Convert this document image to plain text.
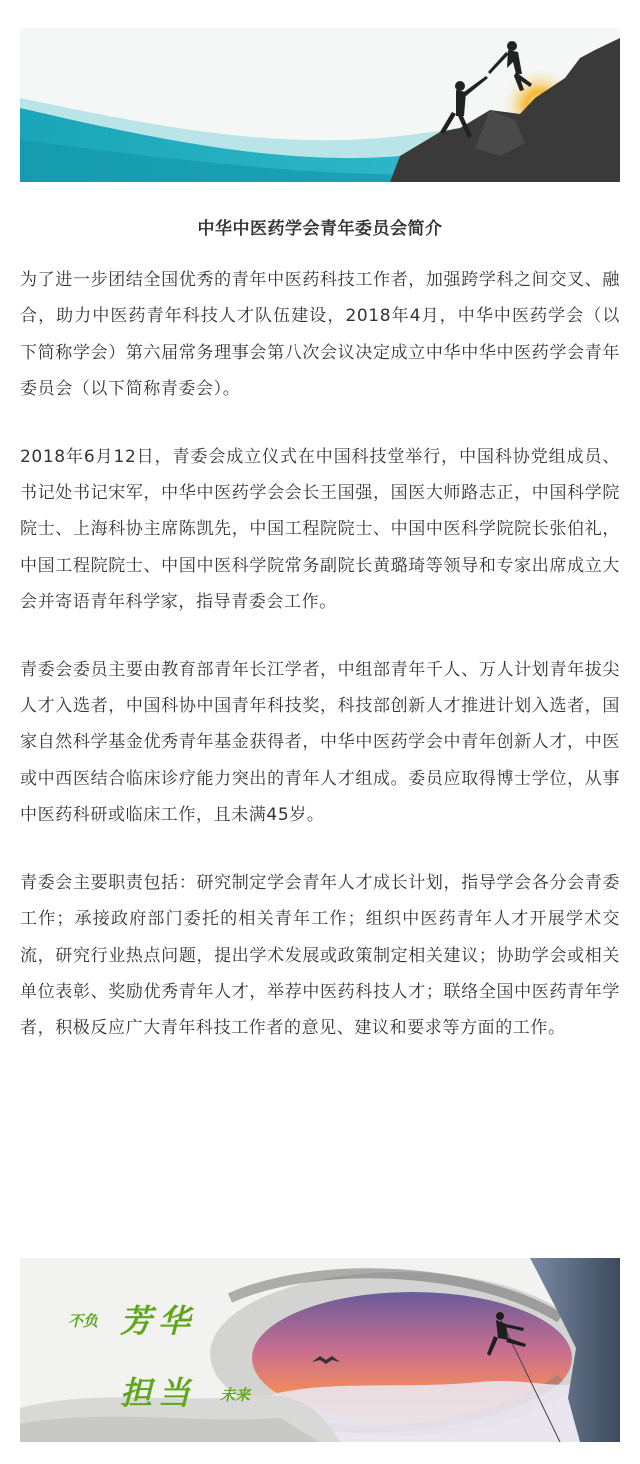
中华中医药学会青年委员会简介

为了进一步团结全国优秀的青年中医药科技工作者，加强跨学科之间交叉、融合，助力中医药青年科技人才队伍建设，2018年4月，中华中医药学会（以下简称学会）第六届常务理事会第八次会议决定成立中华中华中医药学会青年委员会（以下简称青委会）。

2018年6月12日，青委会成立仪式在中国科技堂举行，中国科协党组成员、书记处书记宋军，中华中医药学会会长王国强，国医大师路志正，中国科学院院士、上海科协主席陈凯先，中国工程院院士、中国中医科学院院长张伯礼，中国工程院院士、中国中医科学院常务副院长黄璐琦等领导和专家出席成立大会并寄语青年科学家，指导青委会工作。

青委会委员主要由教育部青年长江学者，中组部青年千人、万人计划青年拔尖人才入选者，中国科协中国青年科技奖，科技部创新人才推进计划入选者，国家自然科学基金优秀青年基金获得者，中华中医药学会中青年创新人才，中医或中西医结合临床诊疗能力突出的青年人才组成。委员应取得博士学位，从事中医药科研或临床工作，且未满45岁。

青委会主要职责包括：研究制定学会青年人才成长计划，指导学会各分会青委工作；承接政府部门委托的相关青年工作；组织中医药青年人才开展学术交流，研究行业热点问题，提出学术发展或政策制定相关建议；协助学会或相关单位表彰、奖励优秀青年人才，举荐中医药科技人才；联络全国中医药青年学者，积极反应广大青年科技工作者的意见、建议和要求等方面的工作。

不负 芳华
担当 未来
